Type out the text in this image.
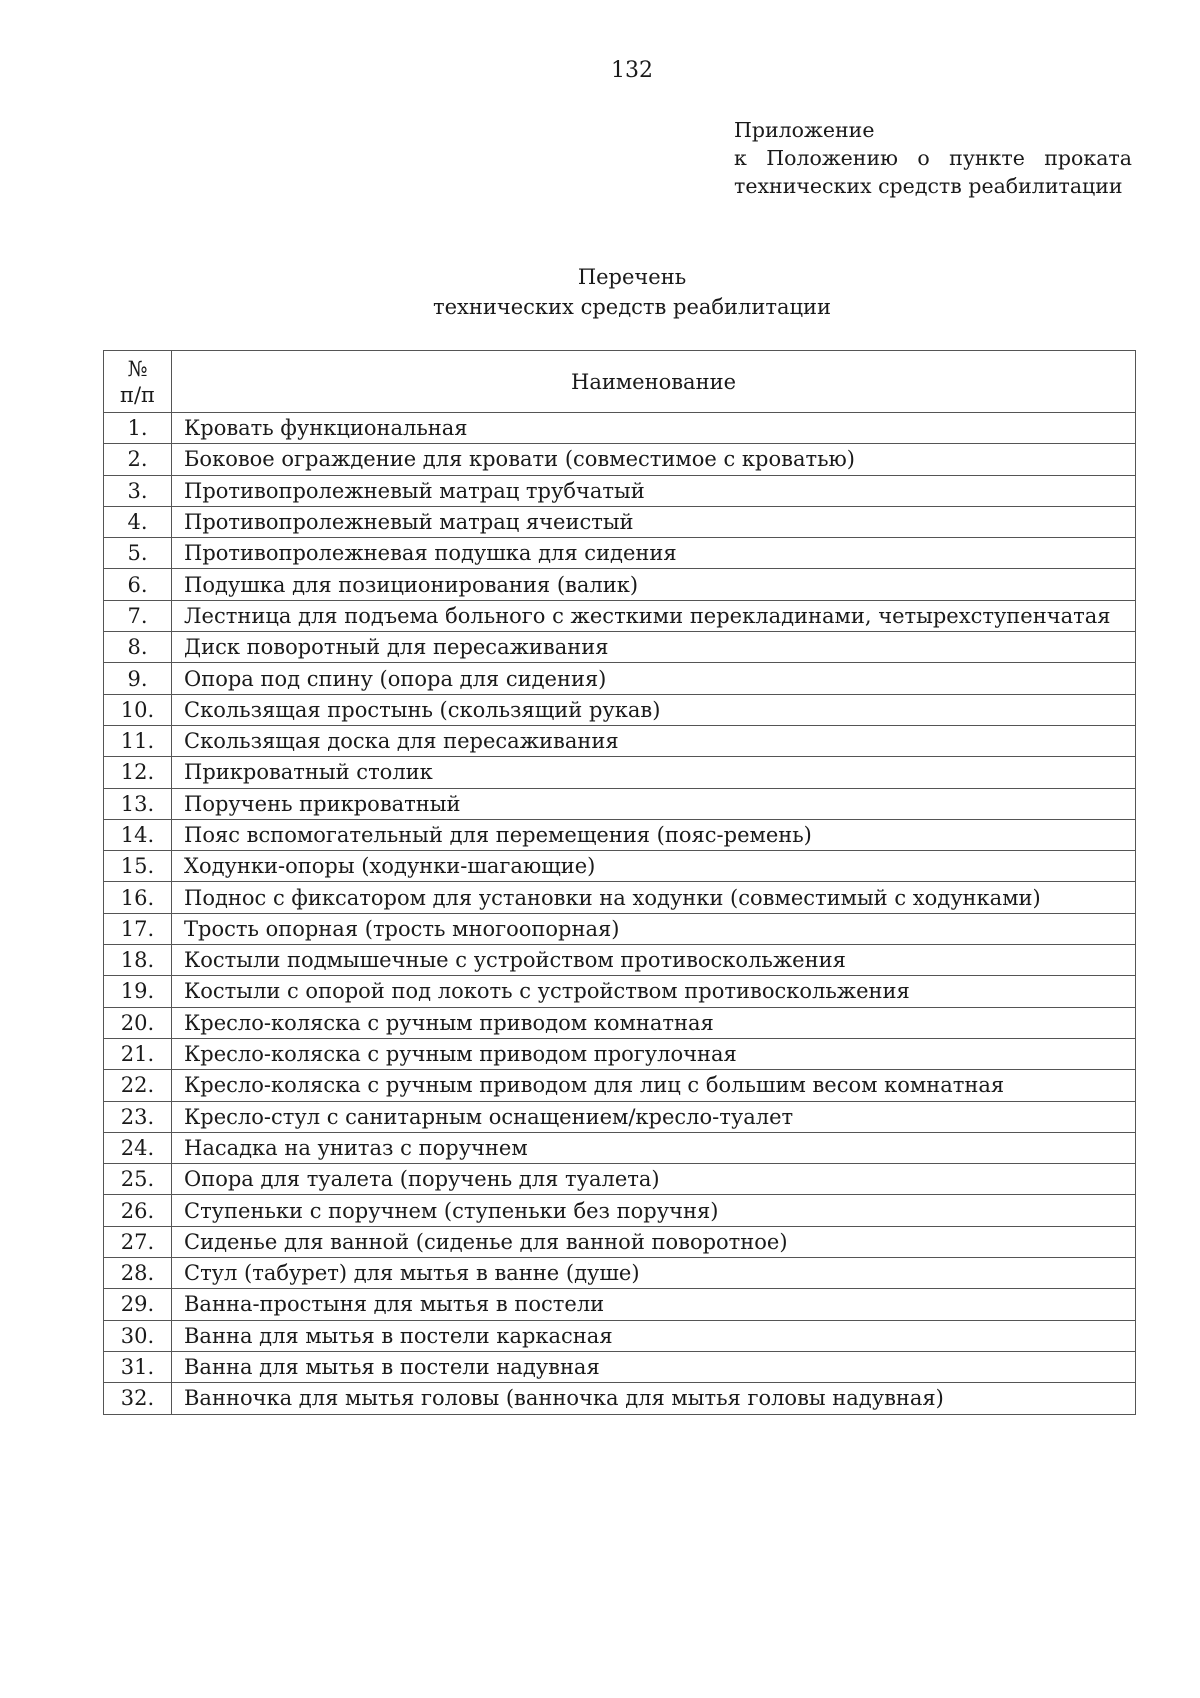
132
Приложение
к Положению о пункте проката
технических средств реабилитации
Перечень
технических средств реабилитации
№
п/п	Наименование
1.	Кровать функциональная
2.	Боковое ограждение для кровати (совместимое с кроватью)
3.	Противопролежневый матрац трубчатый
4.	Противопролежневый матрац ячеистый
5.	Противопролежневая подушка для сидения
6.	Подушка для позиционирования (валик)
7.	Лестница для подъема больного с жесткими перекладинами, четырехступенчатая
8.	Диск поворотный для пересаживания
9.	Опора под спину (опора для сидения)
10.	Скользящая простынь (скользящий рукав)
11.	Скользящая доска для пересаживания
12.	Прикроватный столик
13.	Поручень прикроватный
14.	Пояс вспомогательный для перемещения (пояс-ремень)
15.	Ходунки-опоры (ходунки-шагающие)
16.	Поднос с фиксатором для установки на ходунки (совместимый с ходунками)
17.	Трость опорная (трость многоопорная)
18.	Костыли подмышечные с устройством противоскольжения
19.	Костыли с опорой под локоть с устройством противоскольжения
20.	Кресло-коляска с ручным приводом комнатная
21.	Кресло-коляска с ручным приводом прогулочная
22.	Кресло-коляска с ручным приводом для лиц с большим весом комнатная
23.	Кресло-стул с санитарным оснащением/кресло-туалет
24.	Насадка на унитаз с поручнем
25.	Опора для туалета (поручень для туалета)
26.	Ступеньки с поручнем (ступеньки без поручня)
27.	Сиденье для ванной (сиденье для ванной поворотное)
28.	Стул (табурет) для мытья в ванне (душе)
29.	Ванна-простыня для мытья в постели
30.	Ванна для мытья в постели каркасная
31.	Ванна для мытья в постели надувная
32.	Ванночка для мытья головы (ванночка для мытья головы надувная)
